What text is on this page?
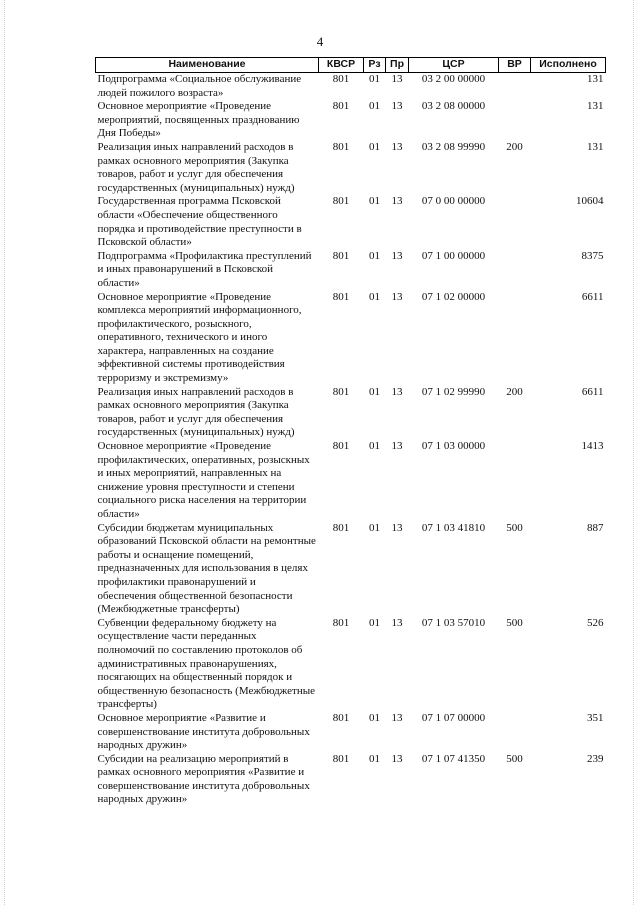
4
Наименование	КВСР	Рз	Пр	ЦСР	ВР	Исполнено
Подпрограмма «Социальное обслуживание людей пожилого возраста»	801	01	13	03 2 00 00000		131
Основное мероприятие «Проведение мероприятий, посвященных празднованию Дня Победы»	801	01	13	03 2 08 00000		131
Реализация иных направлений расходов в рамках основного мероприятия (Закупка товаров, работ и услуг для обеспечения государственных (муниципальных) нужд)	801	01	13	03 2 08 99990	200	131
Государственная программа Псковской области «Обеспечение общественного порядка и противодействие преступности в Псковской области»	801	01	13	07 0 00 00000		10604
Подпрограмма «Профилактика преступлений и иных правонарушений в Псковской области»	801	01	13	07 1 00 00000		8375
Основное мероприятие «Проведение комплекса мероприятий информационного, профилактического, розыскного, оперативного, технического и иного характера, направленных на создание эффективной системы противодействия терроризму и экстремизму»	801	01	13	07 1 02 00000		6611
Реализация иных направлений расходов в рамках основного мероприятия (Закупка товаров, работ и услуг для обеспечения государственных (муниципальных) нужд)	801	01	13	07 1 02 99990	200	6611
Основное мероприятие «Проведение профилактических, оперативных, розыскных и иных мероприятий, направленных на снижение уровня преступности и степени социального риска населения на территории области»	801	01	13	07 1 03 00000		1413
Субсидии бюджетам муниципальных образований Псковской области на ремонтные работы и оснащение помещений, предназначенных для использования в целях профилактики правонарушений и обеспечения общественной безопасности (Межбюджетные трансферты)	801	01	13	07 1 03 41810	500	887
Субвенции федеральному бюджету на осуществление части переданных полномочий по составлению протоколов об административных правонарушениях, посягающих на общественный порядок и общественную безопасность (Межбюджетные трансферты)	801	01	13	07 1 03 57010	500	526
Основное мероприятие «Развитие и совершенствование института добровольных народных дружин»	801	01	13	07 1 07 00000		351
Субсидии на реализацию мероприятий в рамках основного мероприятия «Развитие и совершенствование института добровольных народных дружин»	801	01	13	07 1 07 41350	500	239
